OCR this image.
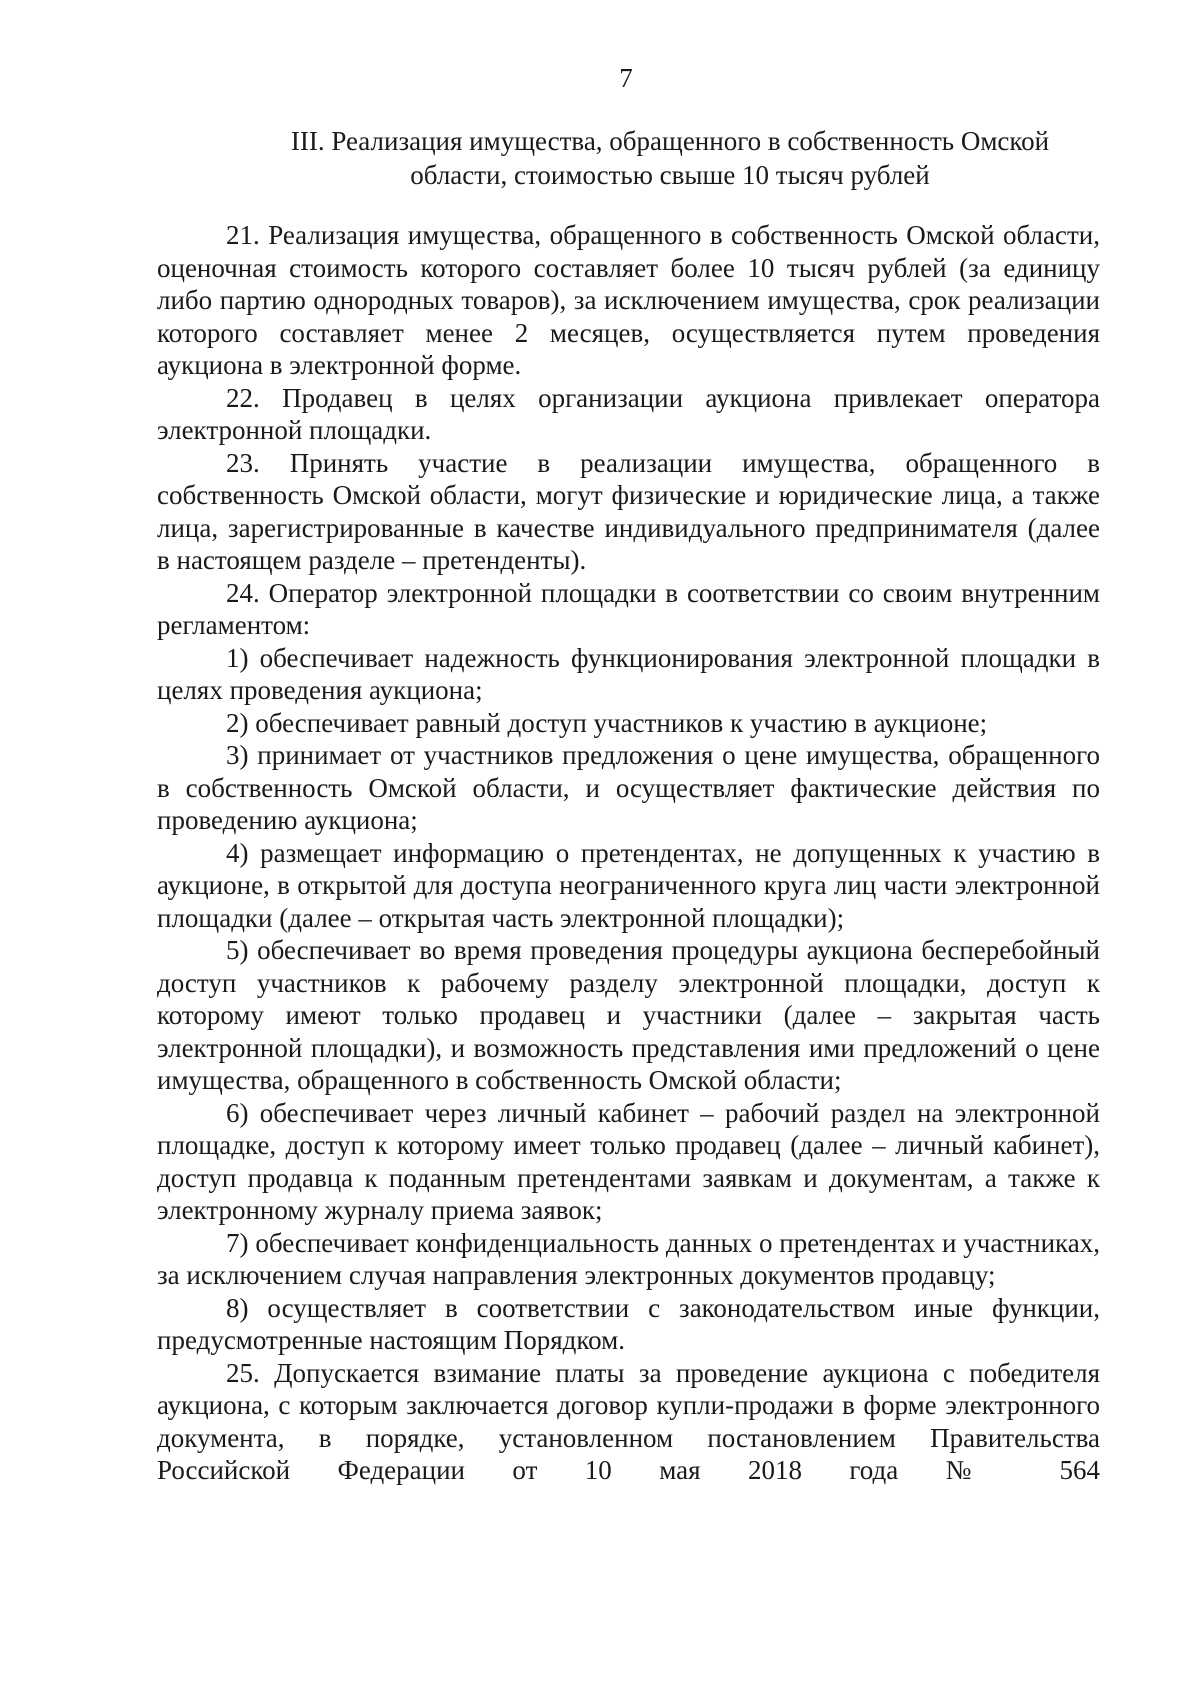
7
III. Реализация имущества, обращенного в собственность Омской
области, стоимостью свыше 10 тысяч рублей

21. Реализация имущества, обращенного в собственность Омской области, оценочная стоимость которого составляет более 10 тысяч рублей (за единицу либо партию однородных товаров), за исключением имущества, срок реализации которого составляет менее 2 месяцев, осуществляется путем проведения аукциона в электронной форме.

22. Продавец в целях организации аукциона привлекает оператора электронной площадки.

23. Принять участие в реализации имущества, обращенного в собственность Омской области, могут физические и юридические лица, а также лица, зарегистрированные в качестве индивидуального предпринимателя (далее в настоящем разделе – претенденты).

24. Оператор электронной площадки в соответствии со своим внутренним регламентом:

1) обеспечивает надежность функционирования электронной площадки в целях проведения аукциона;

2) обеспечивает равный доступ участников к участию в аукционе;

3) принимает от участников предложения о цене имущества, обращенного в собственность Омской области, и осуществляет фактические действия по проведению аукциона;

4) размещает информацию о претендентах, не допущенных к участию в аукционе, в открытой для доступа неограниченного круга лиц части электронной площадки (далее – открытая часть электронной площадки);

5) обеспечивает во время проведения процедуры аукциона бесперебойный доступ участников к рабочему разделу электронной площадки, доступ к которому имеют только продавец и участники (далее – закрытая часть электронной площадки), и возможность представления ими предложений о цене имущества, обращенного в собственность Омской области;

6) обеспечивает через личный кабинет – рабочий раздел на электронной площадке, доступ к которому имеет только продавец (далее – личный кабинет), доступ продавца к поданным претендентами заявкам и документам, а также к электронному журналу приема заявок;

7) обеспечивает конфиденциальность данных о претендентах и участниках, за исключением случая направления электронных документов продавцу;

8) осуществляет в соответствии с законодательством иные функции, предусмотренные настоящим Порядком.

25. Допускается взимание платы за проведение аукциона с победителя аукциона, с которым заключается договор купли-продажи в форме электронного документа, в порядке, установленном постановлением Правительства Российской Федерации от 10 мая 2018 года № 564
